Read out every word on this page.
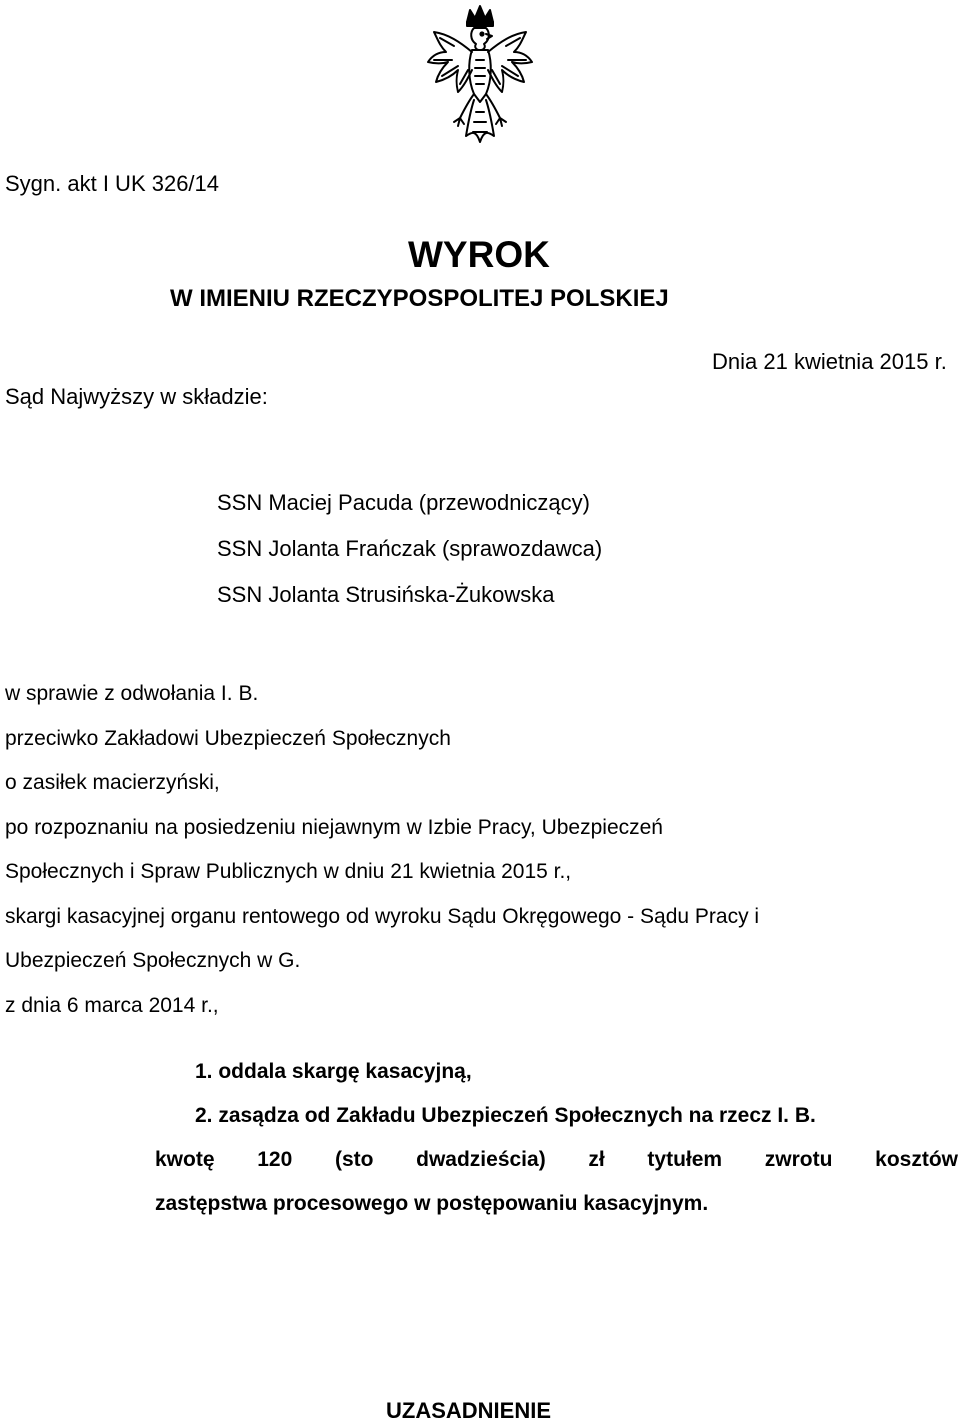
Sygn. akt I UK 326/14
WYROK
W IMIENIU RZECZYPOSPOLITEJ POLSKIEJ
Dnia 21 kwietnia 2015 r.
Sąd Najwyższy w składzie:
SSN Maciej Pacuda (przewodniczący)
SSN Jolanta Frańczak (sprawozdawca)
SSN Jolanta Strusińska-Żukowska
w sprawie z odwołania I. B.
przeciwko Zakładowi Ubezpieczeń Społecznych
o zasiłek macierzyński,
po rozpoznaniu na posiedzeniu niejawnym w Izbie Pracy, Ubezpieczeń
Społecznych i Spraw Publicznych w dniu 21 kwietnia 2015 r.,
skargi kasacyjnej organu rentowego od wyroku Sądu Okręgowego - Sądu Pracy i
Ubezpieczeń Społecznych w G.
z dnia 6 marca 2014 r.,
1. oddala skargę kasacyjną,
2. zasądza od Zakładu Ubezpieczeń Społecznych na rzecz I. B.
kwotę 120 (sto dwadzieścia) zł tytułem zwrotu kosztów
zastępstwa procesowego w postępowaniu kasacyjnym.
UZASADNIENIE
